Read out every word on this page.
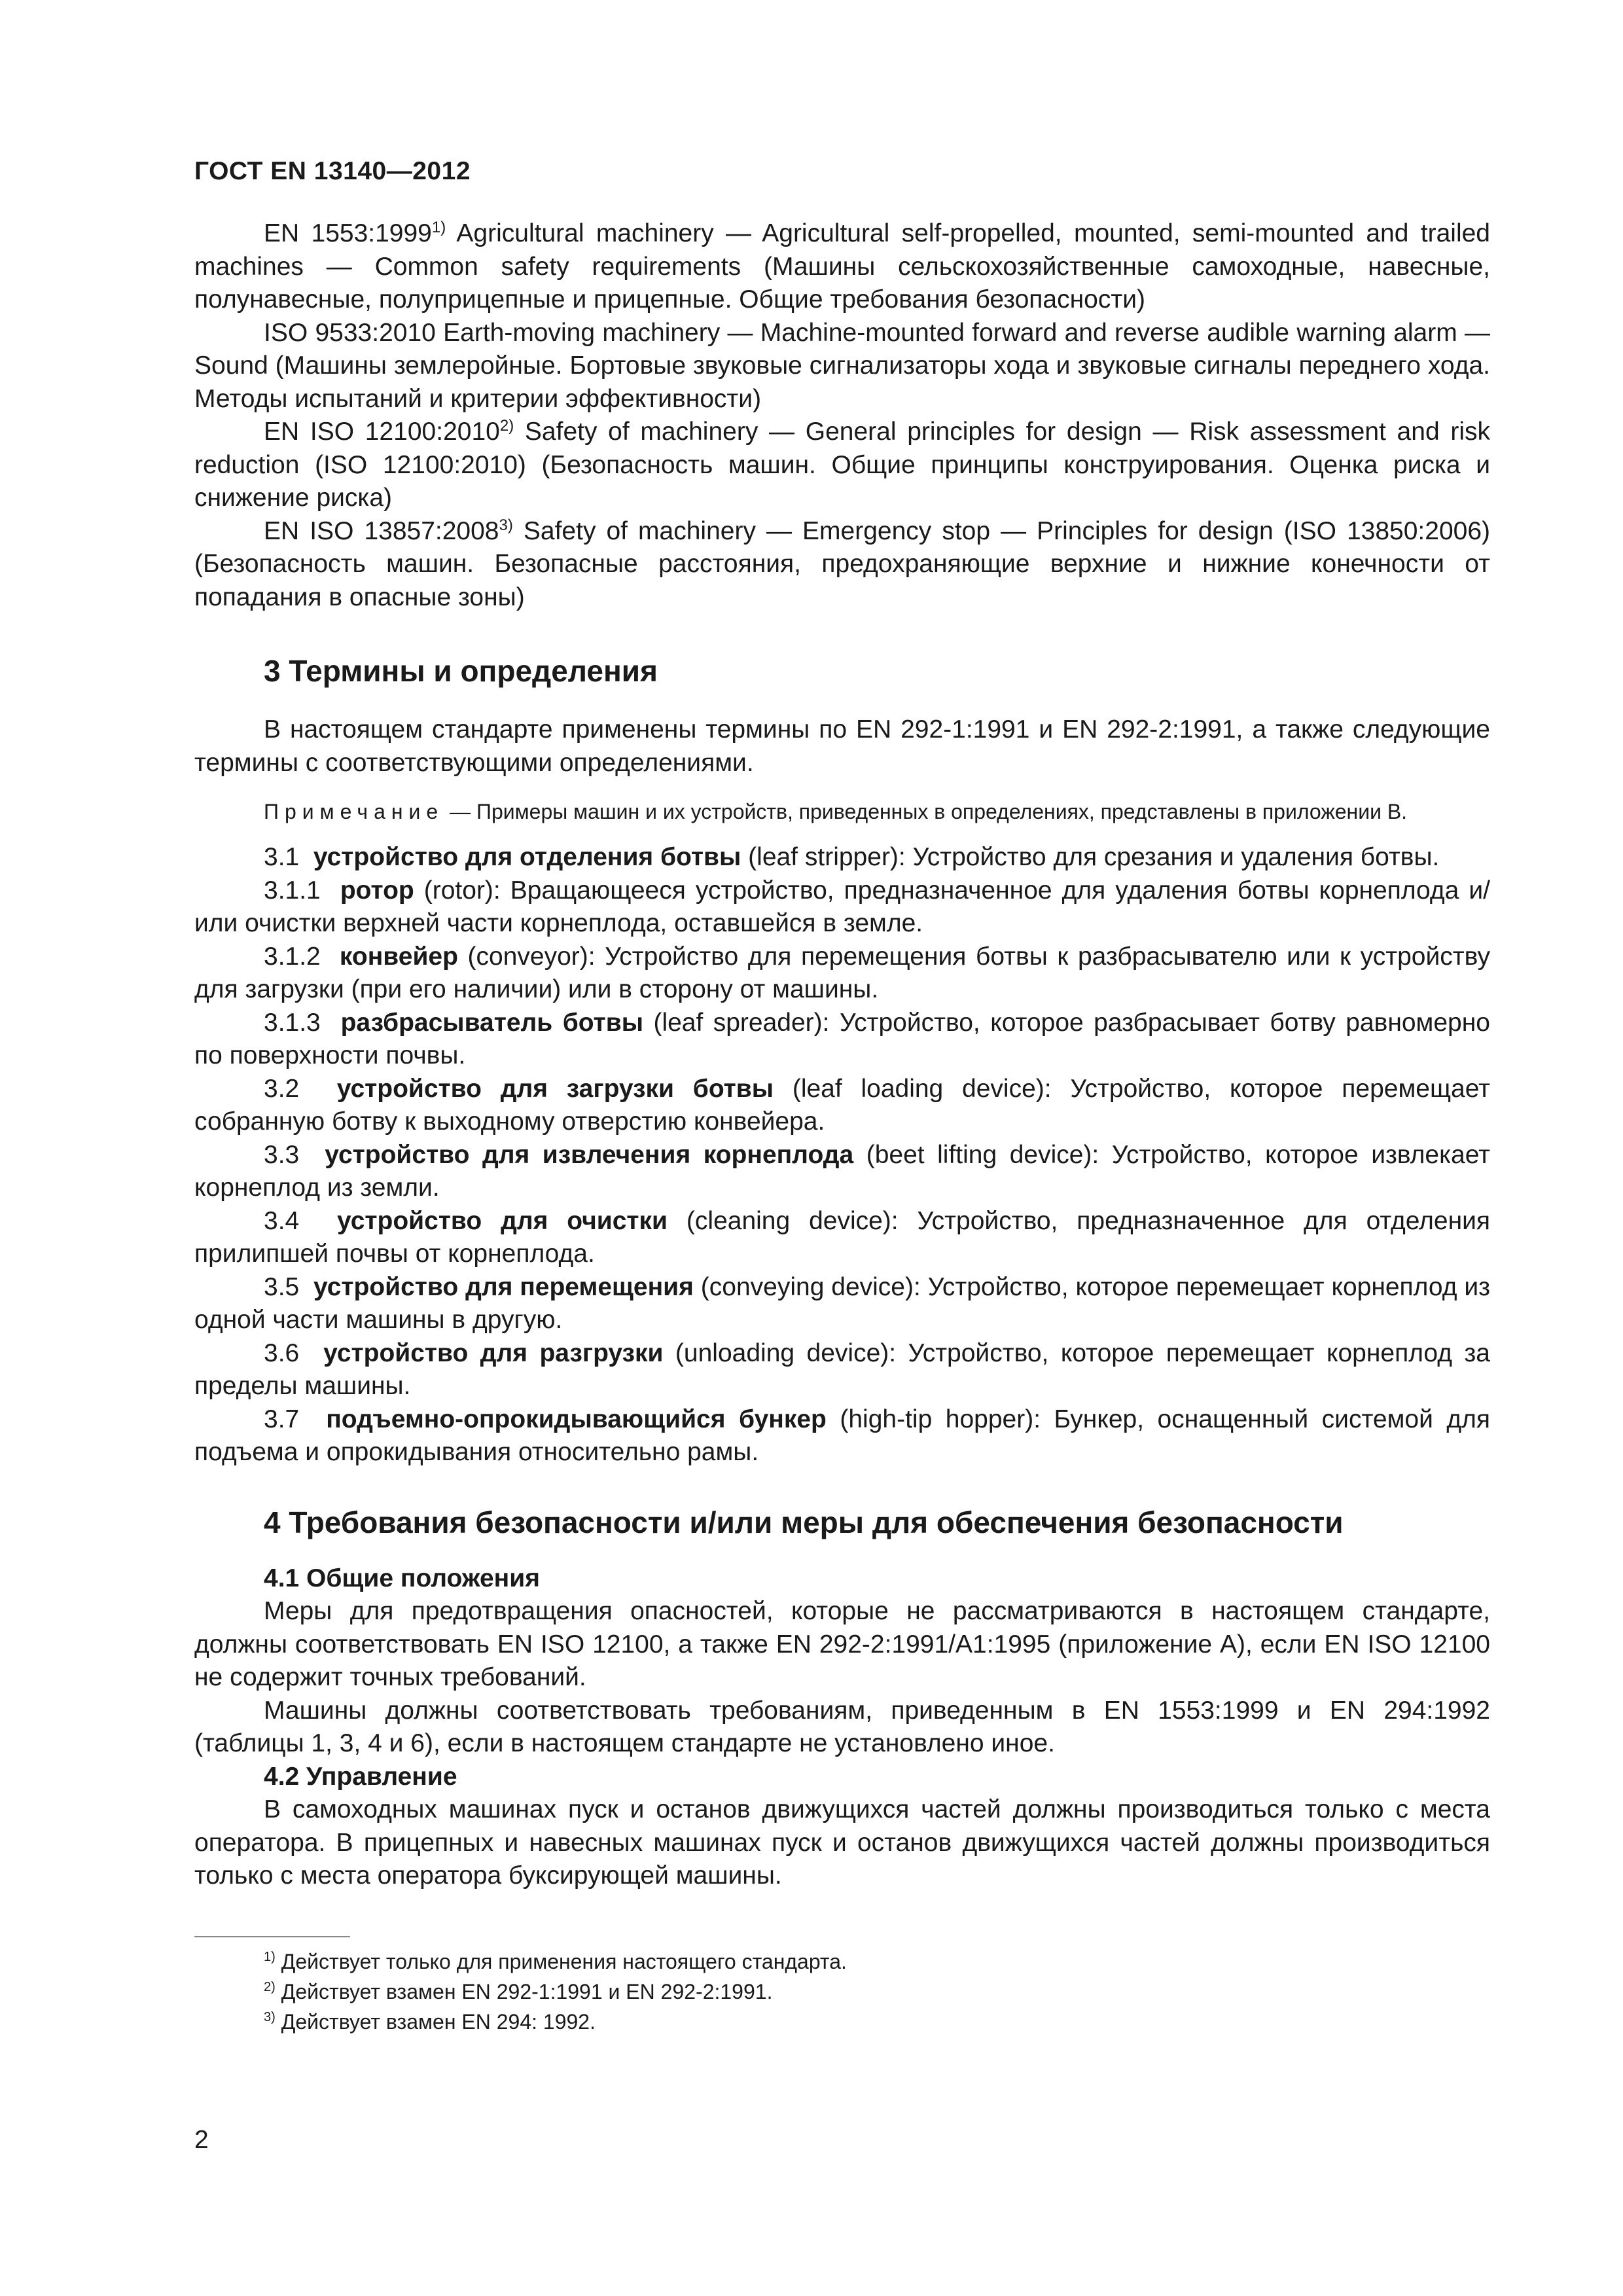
ГОСТ EN 13140—2012

EN 1553:1999$^{1)}$ Agricultural machinery — Agricultural self-propelled, mounted, semi-mounted and trailed machines — Common safety requirements (Машины сельскохозяйственные самоходные, навесные, полунавесные, полуприцепные и прицепные. Общие требования безопасности)

ISO 9533:2010 Earth-moving machinery — Machine-mounted forward and reverse audible warning alarm — Sound (Машины землеройные. Бортовые звуковые сигнализаторы хода и звуковые сигналы переднего хода. Методы испытаний и критерии эффективности)

EN ISO 12100:2010$^{2)}$ Safety of machinery — General principles for design — Risk assessment and risk reduction (ISO 12100:2010) (Безопасность машин. Общие принципы конструирования. Оценка риска и снижение риска)

EN ISO 13857:2008$^{3)}$ Safety of machinery — Emergency stop — Principles for design (ISO 13850:2006) (Безопасность машин. Безопасные расстояния, предохраняющие верхние и нижние конечности от попадания в опасные зоны)

3 Термины и определения

В настоящем стандарте применены термины по EN 292-1:1991 и EN 292-2:1991, а также следующие термины с соответствующими определениями.

Примечание — Примеры машин и их устройств, приведенных в определениях, представлены в приложении В.

3.1 устройство для отделения ботвы (leaf stripper): Устройство для срезания и удаления ботвы.

3.1.1 ротор (rotor): Вращающееся устройство, предназначенное для удаления ботвы корнеплода и/или очистки верхней части корнеплода, оставшейся в земле.

3.1.2 конвейер (conveyor): Устройство для перемещения ботвы к разбрасывателю или к устройству для загрузки (при его наличии) или в сторону от машины.

3.1.3 разбрасыватель ботвы (leaf spreader): Устройство, которое разбрасывает ботву равномерно по поверхности почвы.

3.2 устройство для загрузки ботвы (leaf loading device): Устройство, которое перемещает собранную ботву к выходному отверстию конвейера.

3.3 устройство для извлечения корнеплода (beet lifting device): Устройство, которое извлекает корнеплод из земли.

3.4 устройство для очистки (cleaning device): Устройство, предназначенное для отделения прилипшей почвы от корнеплода.

3.5 устройство для перемещения (conveying device): Устройство, которое перемещает корнеплод из одной части машины в другую.

3.6 устройство для разгрузки (unloading device): Устройство, которое перемещает корнеплод за пределы машины.

3.7 подъемно-опрокидывающийся бункер (high-tip hopper): Бункер, оснащенный системой для подъема и опрокидывания относительно рамы.

4 Требования безопасности и/или меры для обеспечения безопасности
4.1 Общие положения

Меры для предотвращения опасностей, которые не рассматриваются в настоящем стандарте, должны соответствовать EN ISO 12100, а также EN 292-2:1991/A1:1995 (приложение А), если EN ISO 12100 не содержит точных требований.

Машины должны соответствовать требованиям, приведенным в EN 1553:1999 и EN 294:1992 (таблицы 1, 3, 4 и 6), если в настоящем стандарте не установлено иное.

4.2 Управление

В самоходных машинах пуск и останов движущихся частей должны производиться только с места оператора. В прицепных и навесных машинах пуск и останов движущихся частей должны производиться только с места оператора буксирующей машины.

$^{1)}$ Действует только для применения настоящего стандарта.
$^{2)}$ Действует взамен EN 292-1:1991 и EN 292-2:1991.
$^{3)}$ Действует взамен EN 294: 1992.
2
